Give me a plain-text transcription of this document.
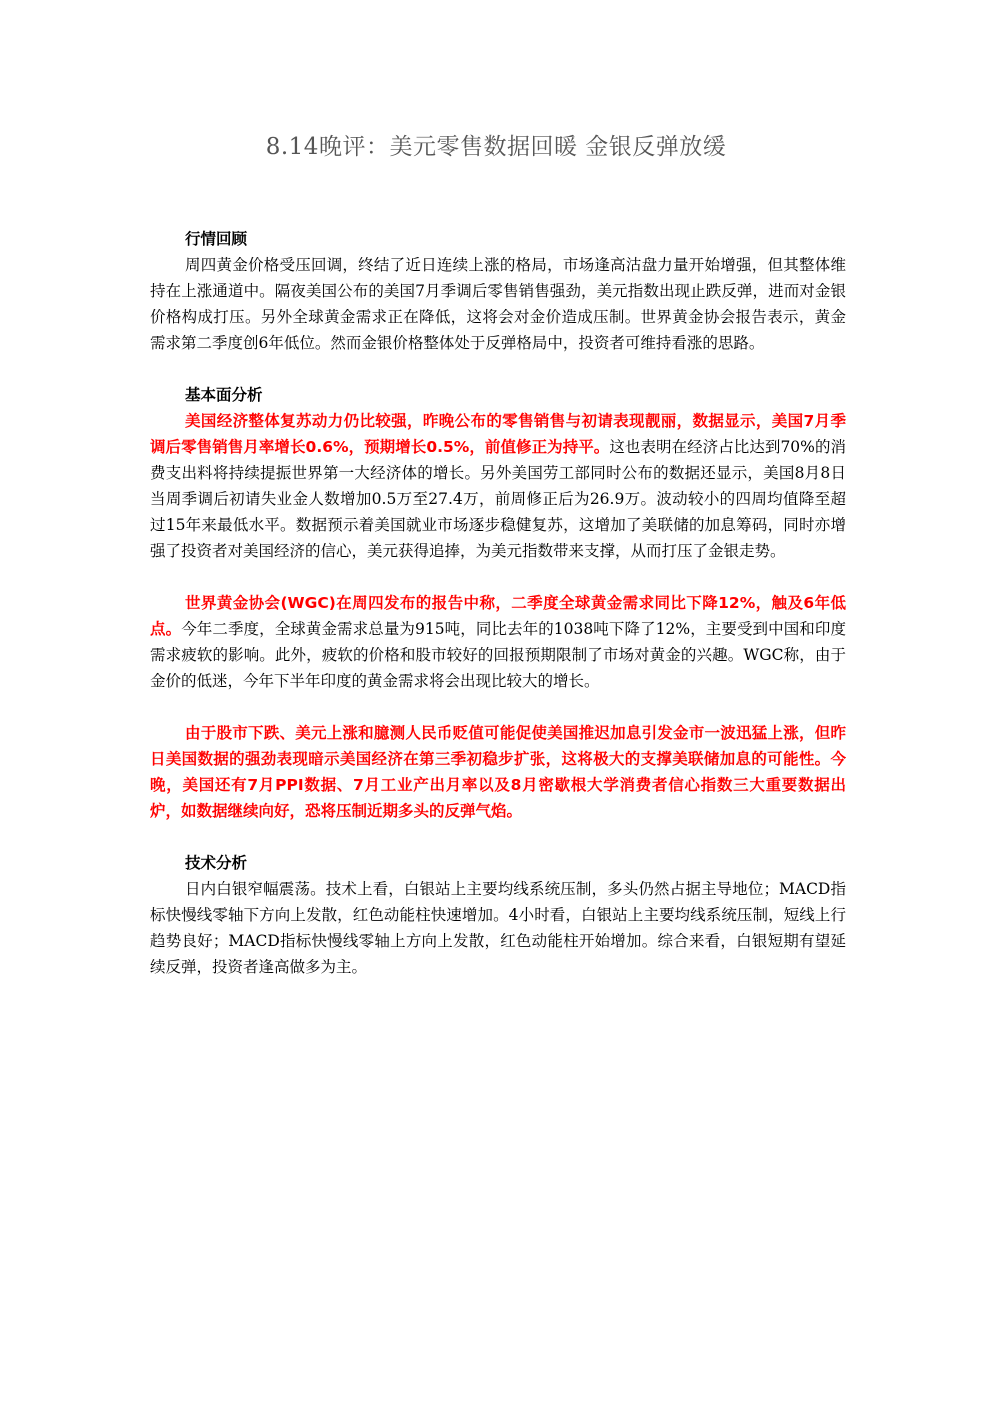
8.14晚评：美元零售数据回暖 金银反弹放缓
行情回顾

周四黄金价格受压回调，终结了近日连续上涨的格局，市场逢高沽盘力量开始增强，但其整体维持在上涨通道中。隔夜美国公布的美国7月季调后零售销售强劲，美元指数出现止跌反弹，进而对金银价格构成打压。另外全球黄金需求正在降低，这将会对金价造成压制。世界黄金协会报告表示，黄金需求第二季度创6年低位。然而金银价格整体处于反弹格局中，投资者可维持看涨的思路。

基本面分析

美国经济整体复苏动力仍比较强，昨晚公布的零售销售与初请表现靓丽，数据显示，美国7月季调后零售销售月率增长0.6%，预期增长0.5%，前值修正为持平。这也表明在经济占比达到70%的消费支出料将持续提振世界第一大经济体的增长。另外美国劳工部同时公布的数据还显示，美国8月8日当周季调后初请失业金人数增加0.5万至27.4万，前周修正后为26.9万。波动较小的四周均值降至超过15年来最低水平。数据预示着美国就业市场逐步稳健复苏，这增加了美联储的加息筹码，同时亦增强了投资者对美国经济的信心，美元获得追捧，为美元指数带来支撑，从而打压了金银走势。

世界黄金协会(WGC)在周四发布的报告中称，二季度全球黄金需求同比下降12%，触及6年低点。今年二季度，全球黄金需求总量为915吨，同比去年的1038吨下降了12%，主要受到中国和印度需求疲软的影响。此外，疲软的价格和股市较好的回报预期限制了市场对黄金的兴趣。WGC称，由于金价的低迷，今年下半年印度的黄金需求将会出现比较大的增长。

由于股市下跌、美元上涨和臆测人民币贬值可能促使美国推迟加息引发金市一波迅猛上涨，但昨日美国数据的强劲表现暗示美国经济在第三季初稳步扩张，这将极大的支撑美联储加息的可能性。今晚，美国还有7月PPI数据、7月工业产出月率以及8月密歇根大学消费者信心指数三大重要数据出炉，如数据继续向好，恐将压制近期多头的反弹气焰。

技术分析

日内白银窄幅震荡。技术上看，白银站上主要均线系统压制，多头仍然占据主导地位；MACD指标快慢线零轴下方向上发散，红色动能柱快速增加。4小时看，白银站上主要均线系统压制，短线上行趋势良好；MACD指标快慢线零轴上方向上发散，红色动能柱开始增加。综合来看，白银短期有望延续反弹，投资者逢高做多为主。
